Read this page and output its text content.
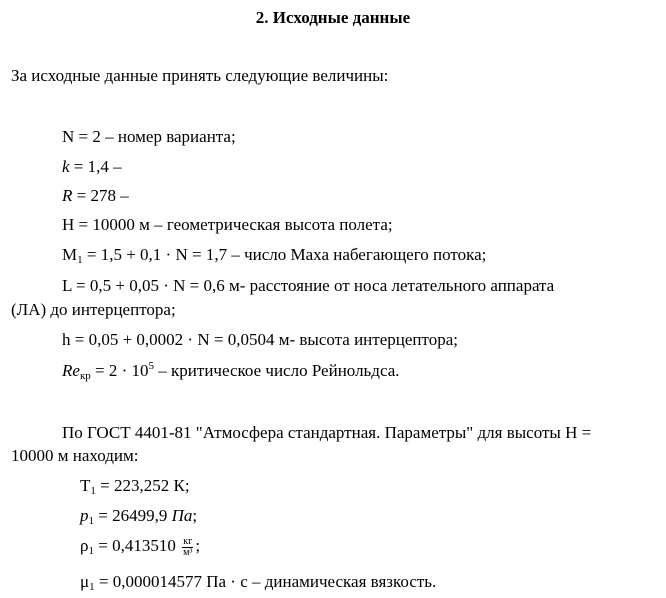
2. Исходные данные
За исходные данные принять следующие величины:
N = 2 – номер варианта;
k = 1,4 –
R = 278 –
H = 10000 м – геометрическая высота полета;
$M_1 = 1,5 + 0,1 \cdot N = 1,7$ – число Маха набегающего потока;
L = 0,5 + 0,05 · N = 0,6 м- расстояние от носа летательного аппарата
(ЛА) до интерцептора;
h = 0,05 + 0,0002 · N = 0,0504 м- высота интерцептора;
$Re_{кр} = 2 \cdot 10^5$ – критическое число Рейнольдса.
По ГОСТ 4401-81 "Атмосфера стандартная. Параметры" для высоты H =
10000 м находим:
$T_1 = 223,252$ К;
$p_1 = 26499,9$ Па;
$\rho_1 = 0,413510 \frac{кг}{\text{м³}}$ ;
$\mu_1 = 0,000014577$ Па · с – динамическая вязкость.
